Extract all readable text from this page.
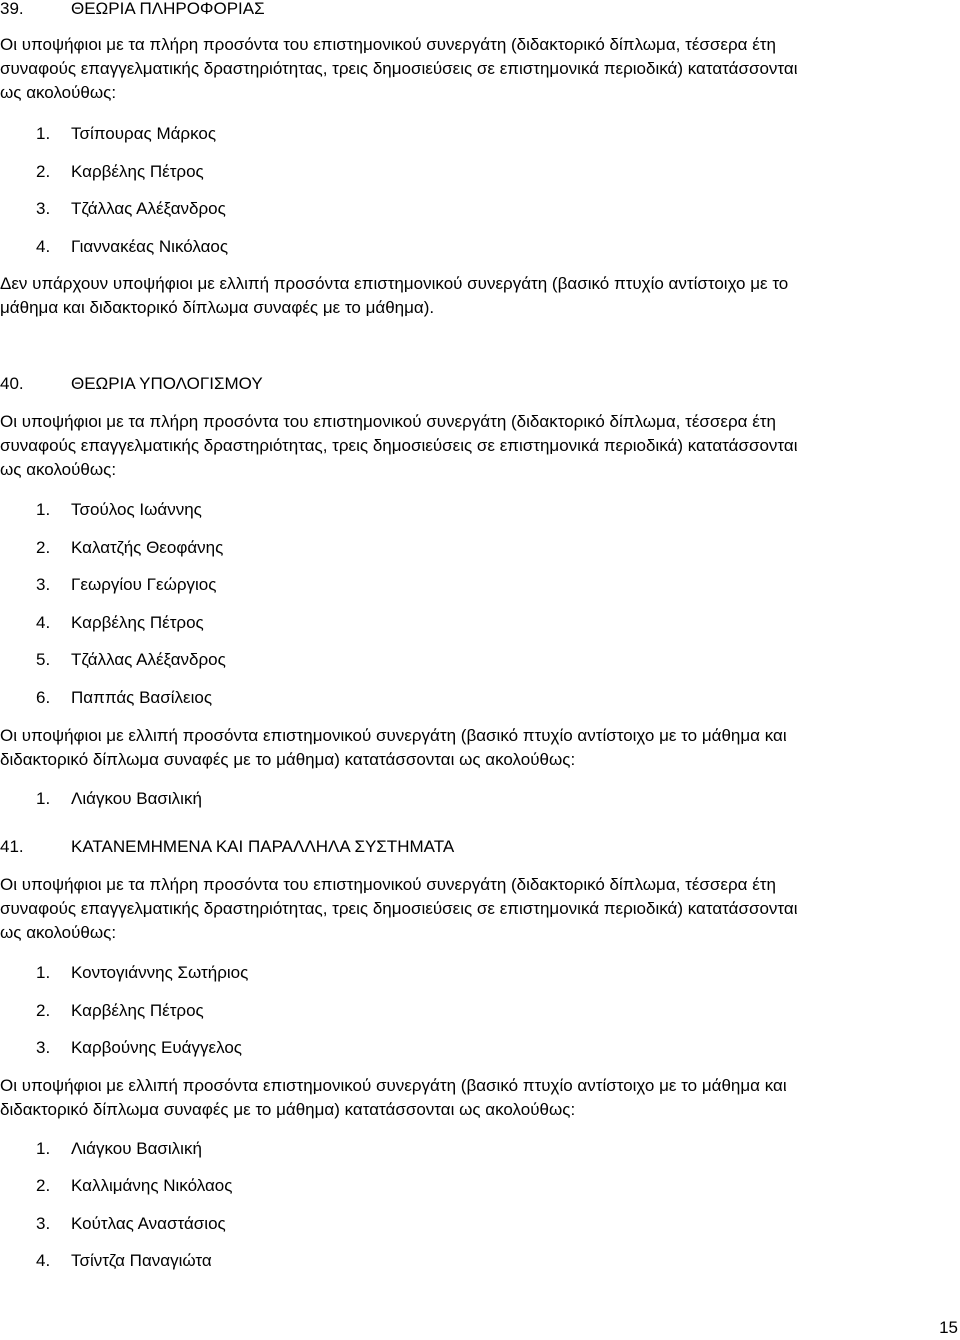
39.	ΘΕΩΡΙΑ ΠΛΗΡΟΦΟΡΙΑΣ

Οι υποψήφιοι με τα πλήρη προσόντα του επιστημονικού συνεργάτη (διδακτορικό δίπλωμα, τέσσερα έτη
συναφούς επαγγελματικής δραστηριότητας, τρεις δημοσιεύσεις σε επιστημονικά περιοδικά) κατατάσσονται
ως ακολούθως:

1. Τσίπουρας Μάρκος
2. Καρβέλης Πέτρος
3. Τζάλλας Αλέξανδρος
4. Γιαννακέας Νικόλαος

Δεν υπάρχουν υποψήφιοι με ελλιπή προσόντα επιστημονικού συνεργάτη (βασικό πτυχίο αντίστοιχο με το
μάθημα και διδακτορικό δίπλωμα συναφές με το μάθημα).

40.	ΘΕΩΡΙΑ ΥΠΟΛΟΓΙΣΜΟΥ

Οι υποψήφιοι με τα πλήρη προσόντα του επιστημονικού συνεργάτη (διδακτορικό δίπλωμα, τέσσερα έτη
συναφούς επαγγελματικής δραστηριότητας, τρεις δημοσιεύσεις σε επιστημονικά περιοδικά) κατατάσσονται
ως ακολούθως:

1. Τσούλος Ιωάννης
2. Καλατζής Θεοφάνης
3. Γεωργίου Γεώργιος
4. Καρβέλης Πέτρος
5. Τζάλλας Αλέξανδρος
6. Παππάς Βασίλειος

Οι υποψήφιοι με ελλιπή προσόντα επιστημονικού συνεργάτη (βασικό πτυχίο αντίστοιχο με το μάθημα και
διδακτορικό δίπλωμα συναφές με το μάθημα) κατατάσσονται ως ακολούθως:

1. Λιάγκου Βασιλική
41.	ΚΑΤΑΝΕΜΗΜΕΝΑ ΚΑΙ ΠΑΡΑΛΛΗΛΑ ΣΥΣΤΗΜΑΤΑ

Οι υποψήφιοι με τα πλήρη προσόντα του επιστημονικού συνεργάτη (διδακτορικό δίπλωμα, τέσσερα έτη
συναφούς επαγγελματικής δραστηριότητας, τρεις δημοσιεύσεις σε επιστημονικά περιοδικά) κατατάσσονται
ως ακολούθως:

1. Κοντογιάννης Σωτήριος
2. Καρβέλης Πέτρος
3. Καρβούνης Ευάγγελος

Οι υποψήφιοι με ελλιπή προσόντα επιστημονικού συνεργάτη (βασικό πτυχίο αντίστοιχο με το μάθημα και
διδακτορικό δίπλωμα συναφές με το μάθημα) κατατάσσονται ως ακολούθως:

1. Λιάγκου Βασιλική
2. Καλλιμάνης Νικόλαος
3. Κούτλας Αναστάσιος
4. Τσίντζα Παναγιώτα
15
